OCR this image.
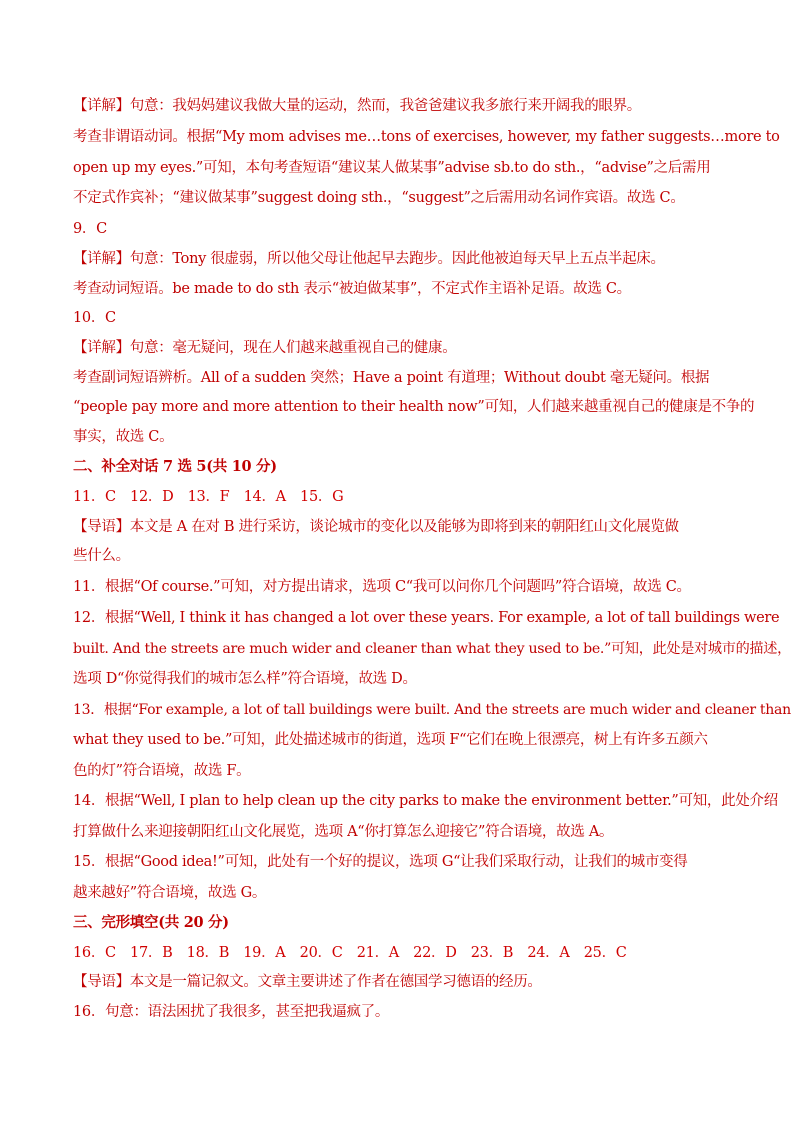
【详解】句意：我妈妈建议我做大量的运动，然而，我爸爸建议我多旅行来开阔我的眼界。

考查非谓语动词。根据“My mom advises me…tons of exercises, however, my father suggests…more to

open up my eyes.”可知，本句考查短语“建议某人做某事”advise sb.to do sth.，“advise”之后需用

不定式作宾补；“建议做某事”suggest doing sth.，“suggest”之后需用动名词作宾语。故选 C。

9．C

【详解】句意：Tony 很虚弱，所以他父母让他起早去跑步。因此他被迫每天早上五点半起床。

考查动词短语。be made to do sth 表示“被迫做某事”，不定式作主语补足语。故选 C。

10．C

【详解】句意：毫无疑问，现在人们越来越重视自己的健康。

考查副词短语辨析。All of a sudden 突然；Have a point 有道理；Without doubt 毫无疑问。根据

“people pay more and more attention to their health now”可知，人们越来越重视自己的健康是不争的

事实，故选 C。

二、补全对话 7 选 5(共 10 分)

11．C　12．D　13．F　14．A　15．G

【导语】本文是 A 在对 B 进行采访，谈论城市的变化以及能够为即将到来的朝阳红山文化展览做

些什么。

11．根据“Of course.”可知，对方提出请求，选项 C“我可以问你几个问题吗”符合语境，故选 C。

12．根据“Well, I think it has changed a lot over these years. For example, a lot of tall buildings were

built. And the streets are much wider and cleaner than what they used to be.”可知，此处是对城市的描述，

选项 D“你觉得我们的城市怎么样”符合语境，故选 D。

13．根据“For example, a lot of tall buildings were built. And the streets are much wider and cleaner than

what they used to be.”可知，此处描述城市的街道，选项 F“它们在晚上很漂亮，树上有许多五颜六

色的灯”符合语境，故选 F。

14．根据“Well, I plan to help clean up the city parks to make the environment better.”可知，此处介绍

打算做什么来迎接朝阳红山文化展览，选项 A“你打算怎么迎接它”符合语境，故选 A。

15．根据“Good idea!”可知，此处有一个好的提议，选项 G“让我们采取行动，让我们的城市变得

越来越好”符合语境，故选 G。

三、完形填空(共 20 分)

16．C　17．B　18．B　19．A　20．C　21．A　22．D　23．B　24．A　25．C

【导语】本文是一篇记叙文。文章主要讲述了作者在德国学习德语的经历。

16．句意：语法困扰了我很多，甚至把我逼疯了。
